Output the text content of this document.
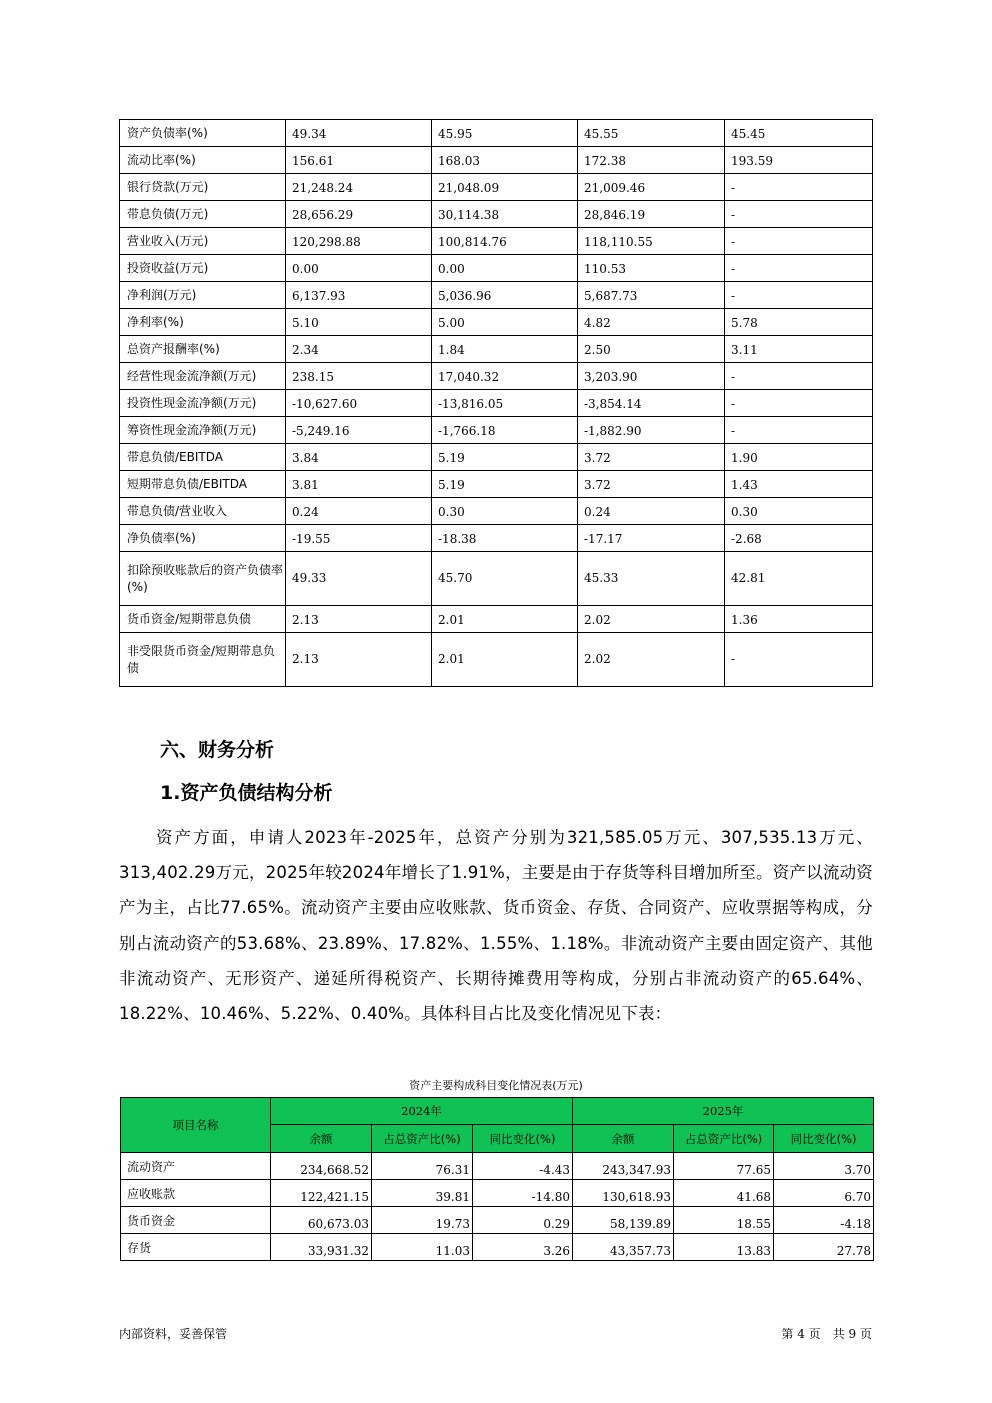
资产负债率(%)	49.34	45.95	45.55	45.45
流动比率(%)	156.61	168.03	172.38	193.59
银行贷款(万元)	21,248.24	21,048.09	21,009.46	-
带息负债(万元)	28,656.29	30,114.38	28,846.19	-
营业收入(万元)	120,298.88	100,814.76	118,110.55	-
投资收益(万元)	0.00	0.00	110.53	-
净利润(万元)	6,137.93	5,036.96	5,687.73	-
净利率(%)	5.10	5.00	4.82	5.78
总资产报酬率(%)	2.34	1.84	2.50	3.11
经营性现金流净额(万元)	238.15	17,040.32	3,203.90	-
投资性现金流净额(万元)	-10,627.60	-13,816.05	-3,854.14	-
筹资性现金流净额(万元)	-5,249.16	-1,766.18	-1,882.90	-
带息负债/EBITDA	3.84	5.19	3.72	1.90
短期带息负债/EBITDA	3.81	5.19	3.72	1.43
带息负债/营业收入	0.24	0.30	0.24	0.30
净负债率(%)	-19.55	-18.38	-17.17	-2.68
扣除预收账款后的资产负债率(%)	49.33	45.70	45.33	42.81
货币资金/短期带息负债	2.13	2.01	2.02	1.36
非受限货币资金/短期带息负债	2.13	2.01	2.02	-
六、财务分析
1.资产负债结构分析

资产方面，申请人2023年-2025年，总资产分别为321,585.05万元、307,535.13万元、313,402.29万元，2025年较2024年增长了1.91%，主要是由于存货等科目增加所至。资产以流动资产为主，占比77.65%。流动资产主要由应收账款、货币资金、存货、合同资产、应收票据等构成，分别占流动资产的53.68%、23.89%、17.82%、1.55%、1.18%。非流动资产主要由固定资产、其他非流动资产、无形资产、递延所得税资产、长期待摊费用等构成，分别占非流动资产的65.64%、18.22%、10.46%、5.22%、0.40%。具体科目占比及变化情况见下表：

资产主要构成科目变化情况表(万元)
项目名称	2024年			2025年		
	余额	占总资产比(%)	同比变化(%)	余额	占总资产比(%)	同比变化(%)
流动资产	234,668.52	76.31	-4.43	243,347.93	77.65	3.70
应收账款	122,421.15	39.81	-14.80	130,618.93	41.68	6.70
货币资金	60,673.03	19.73	0.29	58,139.89	18.55	-4.18
存货	33,931.32	11.03	3.26	43,357.73	13.83	27.78
内部资料，妥善保管	第 4 页　共 9 页
